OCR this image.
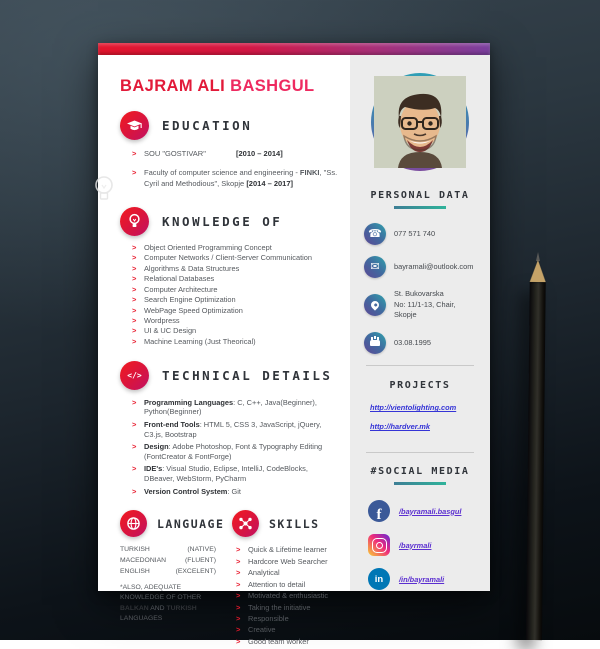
BAJRAM ALI BASHGUL
EDUCATION
>	SOU "GOSTIVAR"	[2010 – 2014]
>	Faculty of computer science and engineering - FINKI, "Ss. Cyril and Methodious", Skopje [2014 – 2017]

KNOWLEDGE OF
>	Object Oriented Programming Concept
>	Computer Networks / Client-Server Communication
>	Algorithms & Data Structures
>	Relational Databases
>	Computer Architecture
>	Search Engine Optimization
>	WebPage Speed Optimization
>	Wordpress
>	UI & UC Design
>	Machine Learning (Just Theorical)
</> TECHNICAL DETAILS
>	Programming Languages: C, C++, Java(Beginner), Python(Beginner)

>	Front-end Tools: HTML 5, CSS 3, JavaScript, jQuery, C3.js, Bootstrap

>	Design: Adobe Photoshop, Font & Typography Editing (FontCreator & FontForge)

>	IDE's: Visual Studio, Eclipse, IntelliJ, CodeBlocks, DBeaver, WebStorm, PyCharm

>	Version Control System: Git

LANGUAGE
TURKISH	(NATIVE)
MACEDONIAN	(FLUENT)
ENGLISH	(EXCELENT)
*ALSO, ADEQUATE KNOWLEDGE OF OTHER BALKAN AND TURKISH LANGUAGES
SKILLS
>	Quick & Lifetime learner
>	Hardcore Web Searcher
>	Analytical
>	Attention to detail
>	Motivated & enthusiastic
>	Taking the initiative
>	Responsible
>	Creative
>	Good team worker
PERSONAL DATA
☎ 077 571 740
✉ bayramali@outlook.com
St. Bukovarska
No: 11/1-13, Chair, Skopje
03.08.1995
PROJECTS
http://vientolighting.com
http://hardver.mk
#SOCIAL MEDIA
f /bayramali.basgul
/bayrmali
in /in/bayramali
